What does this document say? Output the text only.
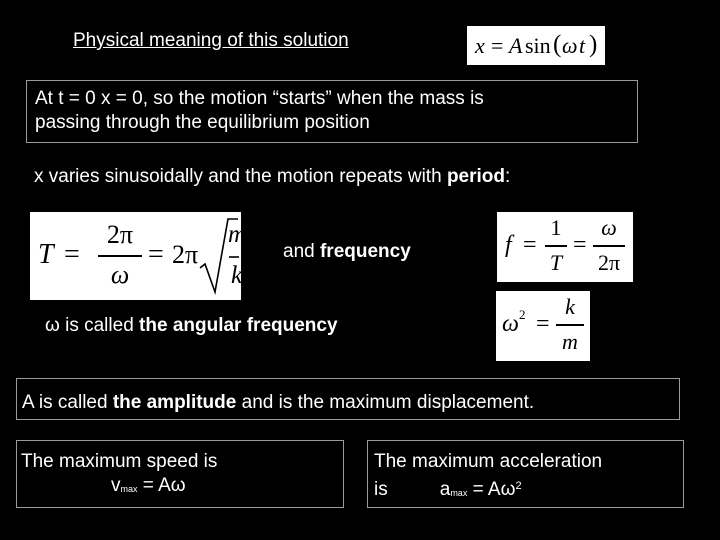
Physical meaning of this solution	x = A sin ( ω t )
At t = 0 x = 0, so the motion “starts” when the mass is
passing through the equilibrium position
x varies sinusoidally and the motion repeats with period:
T =
2π
ω
= 2π
m
k
and frequency	f =
1
T
=
ω
2π
ω is called the angular frequency	ω 2 =
k
m
A is called the amplitude and is the maximum displacement.
The maximum speed is
$v_{max} = A\omega$
The maximum acceleration
is	$a_{max} = A\omega^2$
